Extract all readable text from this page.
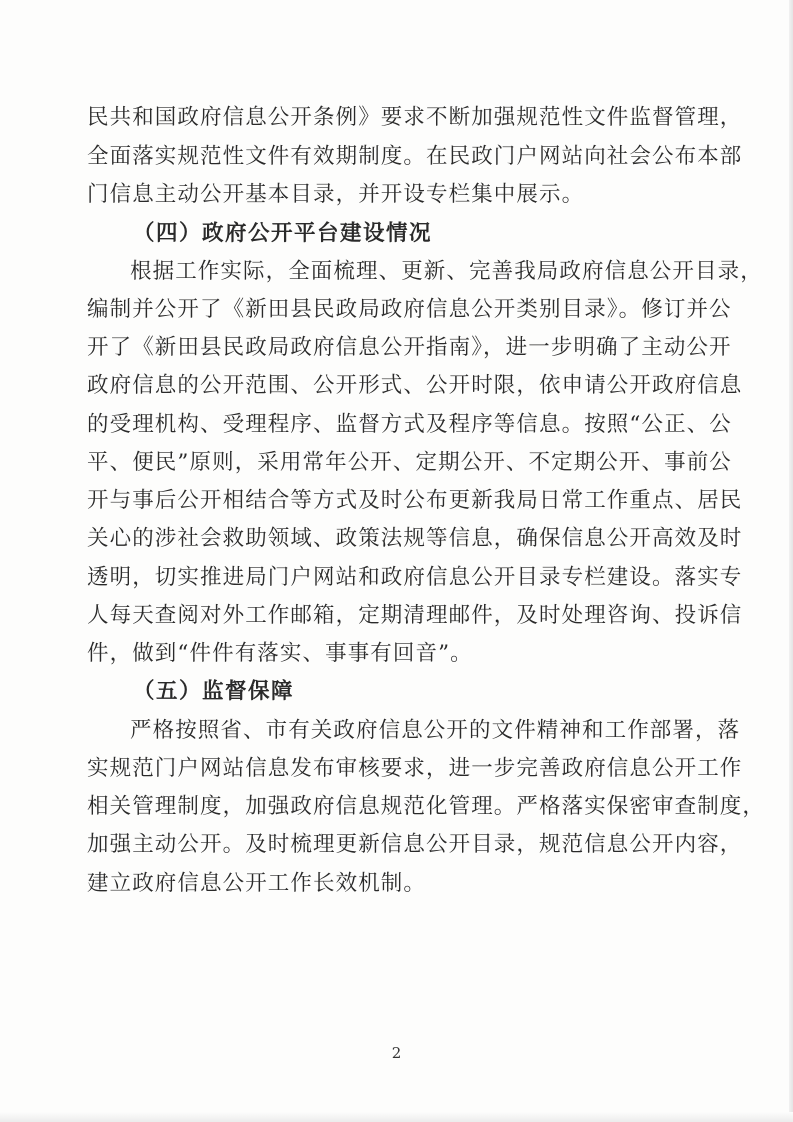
民共和国政府信息公开条例》要求不断加强规范性文件监督管理，
全面落实规范性文件有效期制度。在民政门户网站向社会公布本部
门信息主动公开基本目录，并开设专栏集中展示。
（四）政府公开平台建设情况
根据工作实际，全面梳理、更新、完善我局政府信息公开目录，
编制并公开了《新田县民政局政府信息公开类别目录》。修订并公
开了《新田县民政局政府信息公开指南》，进一步明确了主动公开
政府信息的公开范围、公开形式、公开时限，依申请公开政府信息
的受理机构、受理程序、监督方式及程序等信息。按照“公正、公
平、便民”原则，采用常年公开、定期公开、不定期公开、事前公
开与事后公开相结合等方式及时公布更新我局日常工作重点、居民
关心的涉社会救助领域、政策法规等信息，确保信息公开高效及时
透明，切实推进局门户网站和政府信息公开目录专栏建设。落实专
人每天查阅对外工作邮箱，定期清理邮件，及时处理咨询、投诉信
件，做到“件件有落实、事事有回音”。
（五）监督保障
严格按照省、市有关政府信息公开的文件精神和工作部署，落
实规范门户网站信息发布审核要求，进一步完善政府信息公开工作
相关管理制度，加强政府信息规范化管理。严格落实保密审查制度，
加强主动公开。及时梳理更新信息公开目录，规范信息公开内容，
建立政府信息公开工作长效机制。
2
